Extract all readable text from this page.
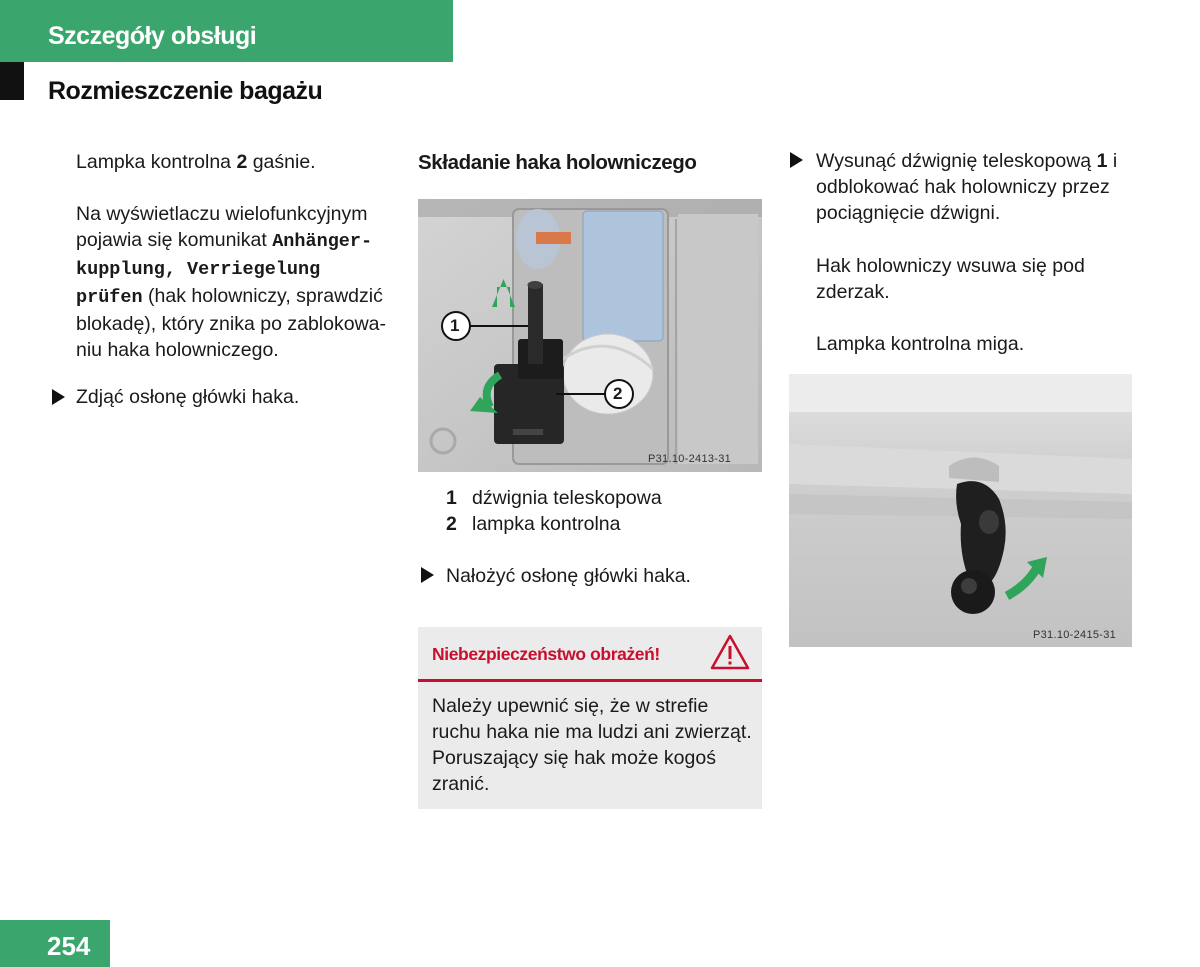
Szczegóły obsługi
Rozmieszczenie bagażu
Lampka kontrolna 2 gaśnie.
Na wyświetlaczu wielofunkcyjnym pojawia się komunikat Anhänger-kupplung, Verriegelung prüfen (hak holowniczy, sprawdzić blokadę), który znika po zablokowa-niu haka holowniczego.
Zdjąć osłonę główki haka.
Składanie haka holowniczego
P31.10-2413-31
1
2
1 dźwignia teleskopowa
2 lampka kontrolna
Nałożyć osłonę główki haka.
Niebezpieczeństwo obrażeń!
Należy upewnić się, że w strefie ruchu haka nie ma ludzi ani zwierząt. Poruszający się hak może kogoś zranić.
Wysunąć dźwignię teleskopową 1 i odblokować hak holowniczy przez pociągnięcie dźwigni.
Hak holowniczy wsuwa się pod zderzak.
Lampka kontrolna miga.
P31.10-2415-31
254
